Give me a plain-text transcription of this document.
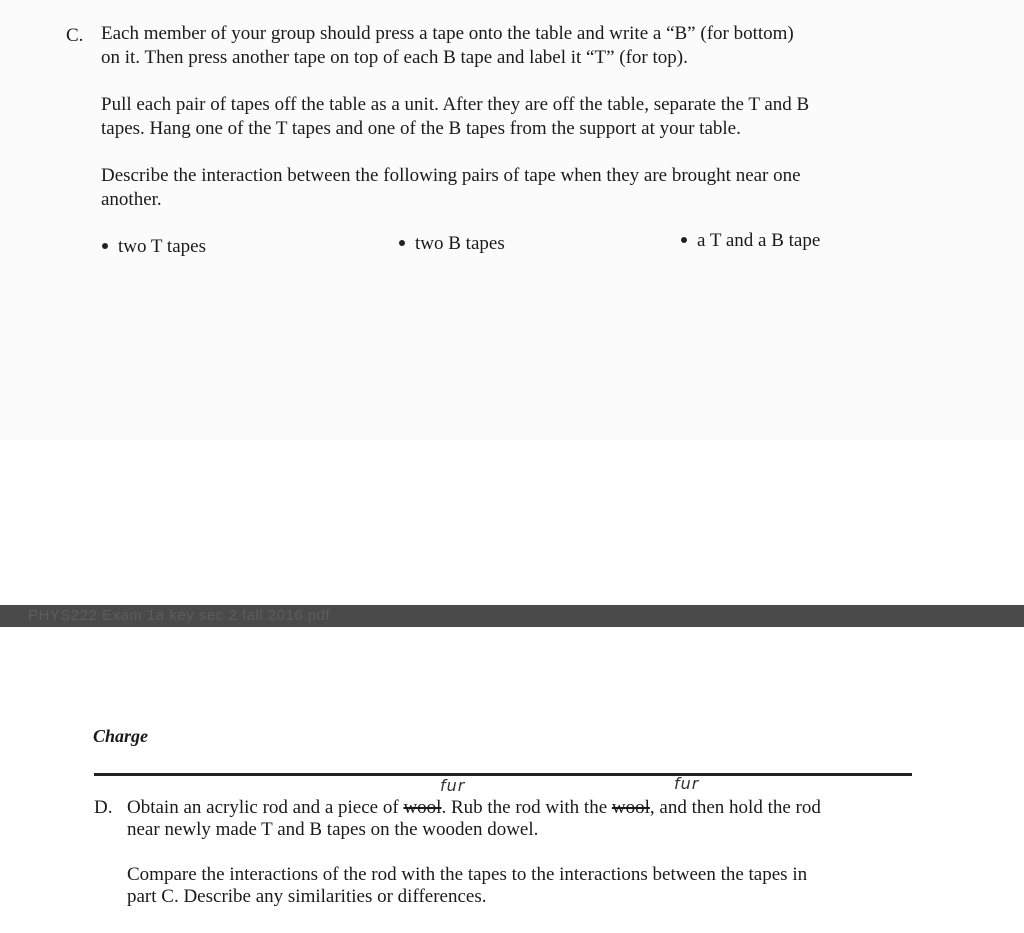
C. Each member of your group should press a tape onto the table and write a “B” (for bottom)

on it. Then press another tape on top of each B tape and label it “T” (for top).

Pull each pair of tapes off the table as a unit. After they are off the table, separate the T and B

tapes. Hang one of the T tapes and one of the B tapes from the support at your table.

Describe the interaction between the following pairs of tape when they are brought near one

another.

two T tapes	two B tapes	a T and a B tape
PHYS222 Exam 1a key sec 2 fall 2016.pdf
Charge
fur	fur
D. Obtain an acrylic rod and a piece of wool. Rub the rod with the wool, and then hold the rod

near newly made T and B tapes on the wooden dowel.

Compare the interactions of the rod with the tapes to the interactions between the tapes in

part C. Describe any similarities or differences.
